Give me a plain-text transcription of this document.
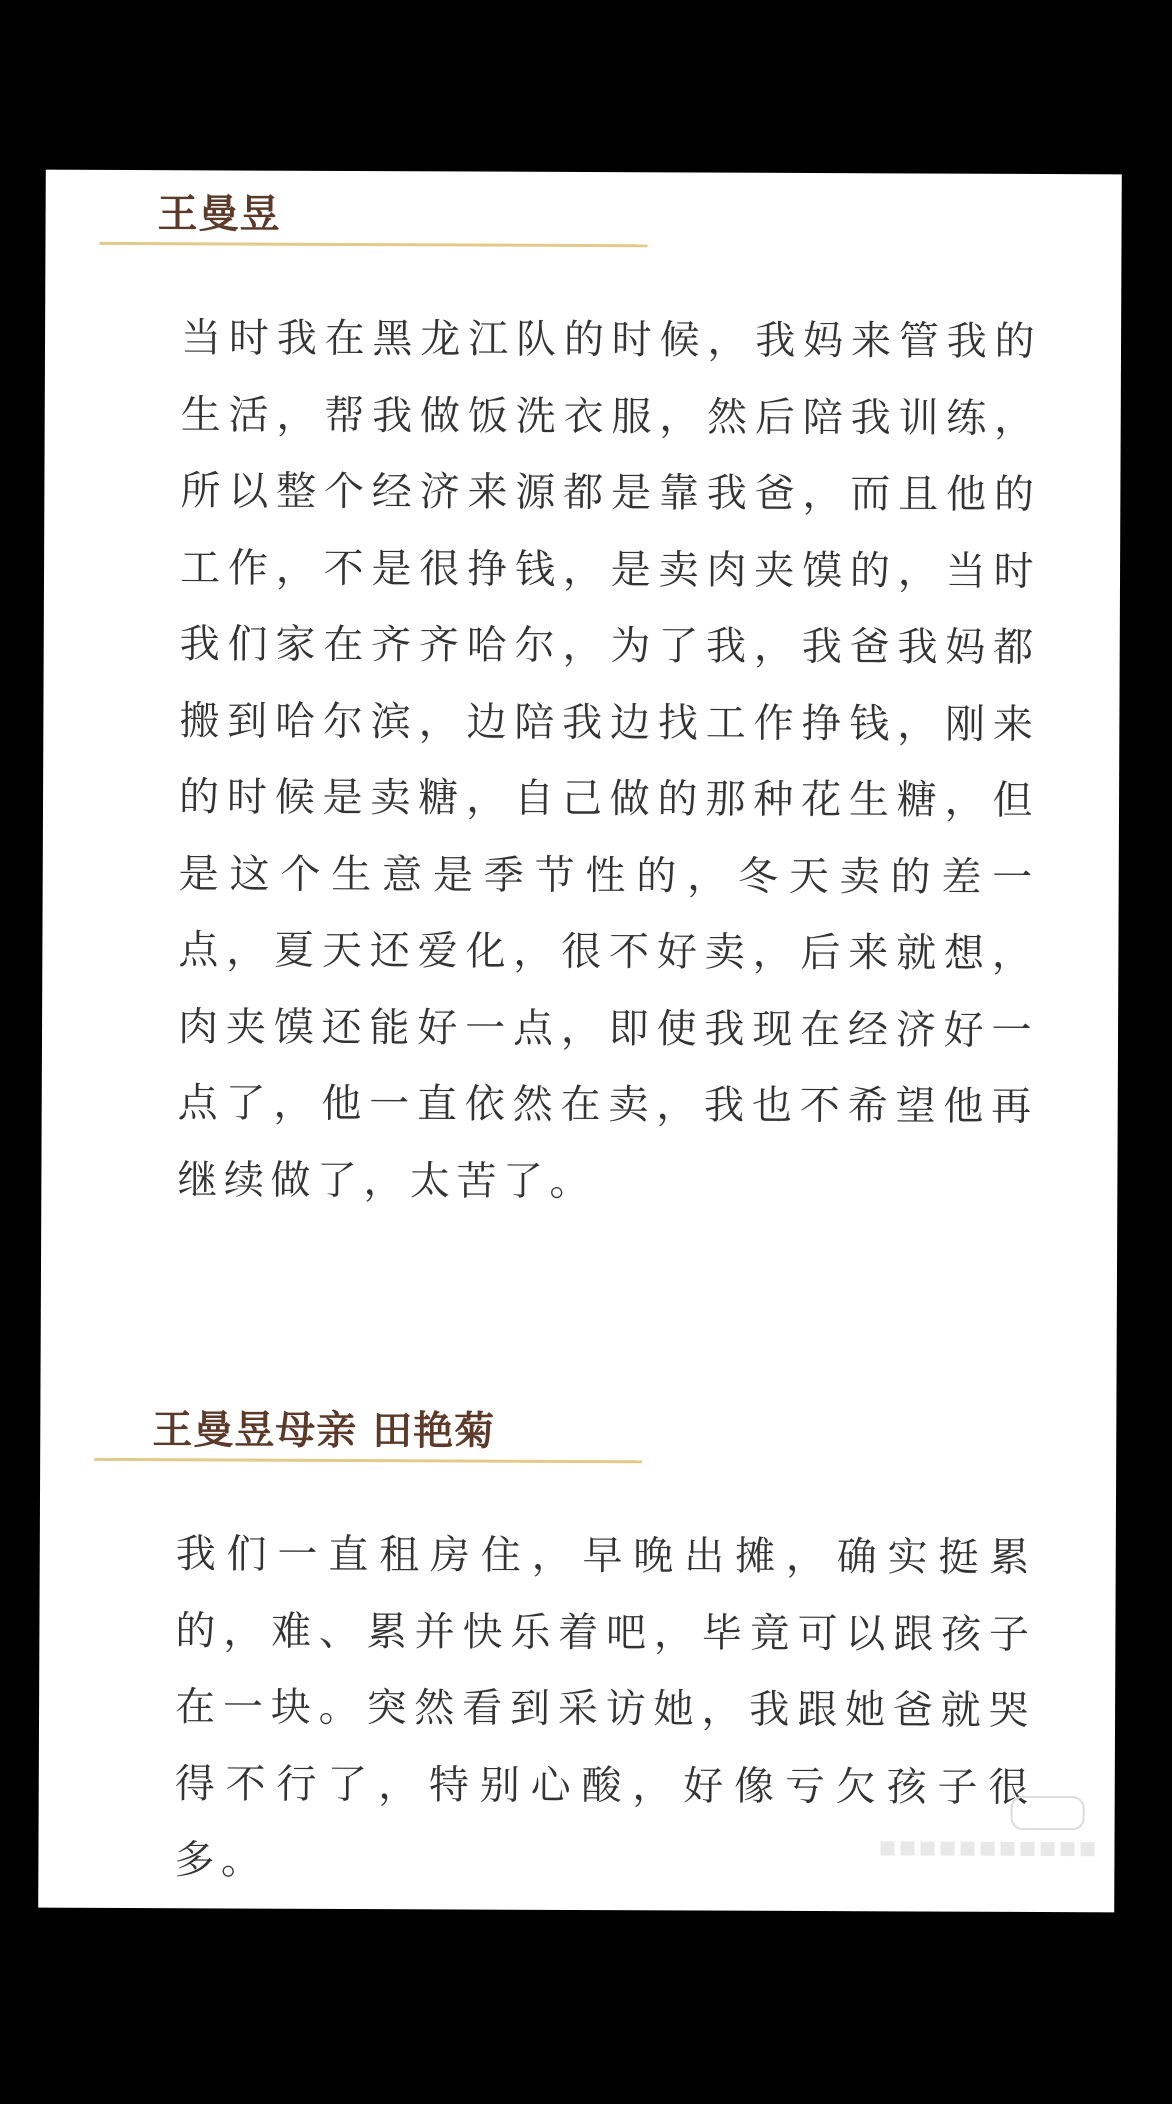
王曼昱
当时我在黑龙江队的时候，我妈来管我的生活，帮我做饭洗衣服，然后陪我训练，所以整个经济来源都是靠我爸，而且他的工作，不是很挣钱，是卖肉夹馍的，当时我们家在齐齐哈尔，为了我，我爸我妈都搬到哈尔滨，边陪我边找工作挣钱，刚来的时候是卖糖，自己做的那种花生糖，但是这个生意是季节性的，冬天卖的差一点，夏天还爱化，很不好卖，后来就想，肉夹馍还能好一点，即使我现在经济好一点了，他一直依然在卖，我也不希望他再继续做了，太苦了。
王曼昱母亲 田艳菊
我们一直租房住，早晚出摊，确实挺累的，难、累并快乐着吧，毕竟可以跟孩子在一块。突然看到采访她，我跟她爸就哭得不行了，特别心酸，好像亏欠孩子很多。
